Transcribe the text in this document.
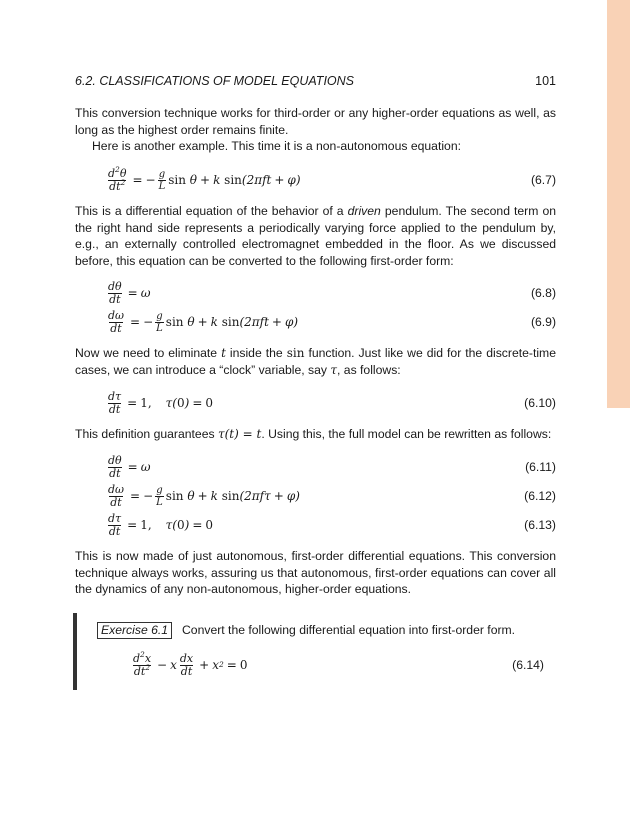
6.2. CLASSIFICATIONS OF MODEL EQUATIONS	101

This conversion technique works for third-order or any higher-order equations as well, as long as the highest order remains finite.

Here is another example. This time it is a non-autonomous equation:

$\frac{d^2\theta}{dt^2}$ = − $\frac{g}{L}$ sin θ + k sin (2πft + φ)	(6.7)

This is a differential equation of the behavior of a driven pendulum. The second term on the right hand side represents a periodically varying force applied to the pendulum by, e.g., an externally controlled electromagnet embedded in the floor. As we discussed before, this equation can be converted to the following first-order form:

$\frac{d\theta}{dt} = \omega$	(6.8)
$\frac{d\omega}{dt}$ = − $\frac{g}{L}$ sin θ + k sin (2πft + φ)	(6.9)

Now we need to eliminate t inside the sin function. Just like we did for the discrete-time cases, we can introduce a “clock” variable, say τ, as follows:

$\frac{d\tau}{dt} = 1$, τ( 0 ) = 0	(6.10)

This definition guarantees τ(t) = t. Using this, the full model can be rewritten as follows:

$\frac{d\theta}{dt} = \omega$	(6.11)
$\frac{d\omega}{dt}$ = − $\frac{g}{L}$ sin θ + k sin (2πfτ + φ)	(6.12)
$\frac{d\tau}{dt} = 1$, τ( 0 ) = 0	(6.13)

This is now made of just autonomous, first-order differential equations. This conversion technique always works, assuring us that autonomous, first-order equations can cover all the dynamics of any non-autonomous, higher-order equations.

Exercise 6.1	Convert the following differential equation into first-order form.
$\frac{d^2x}{dt^2} - x \frac{dx}{dt} + x$ 2 = 0	(6.14)
